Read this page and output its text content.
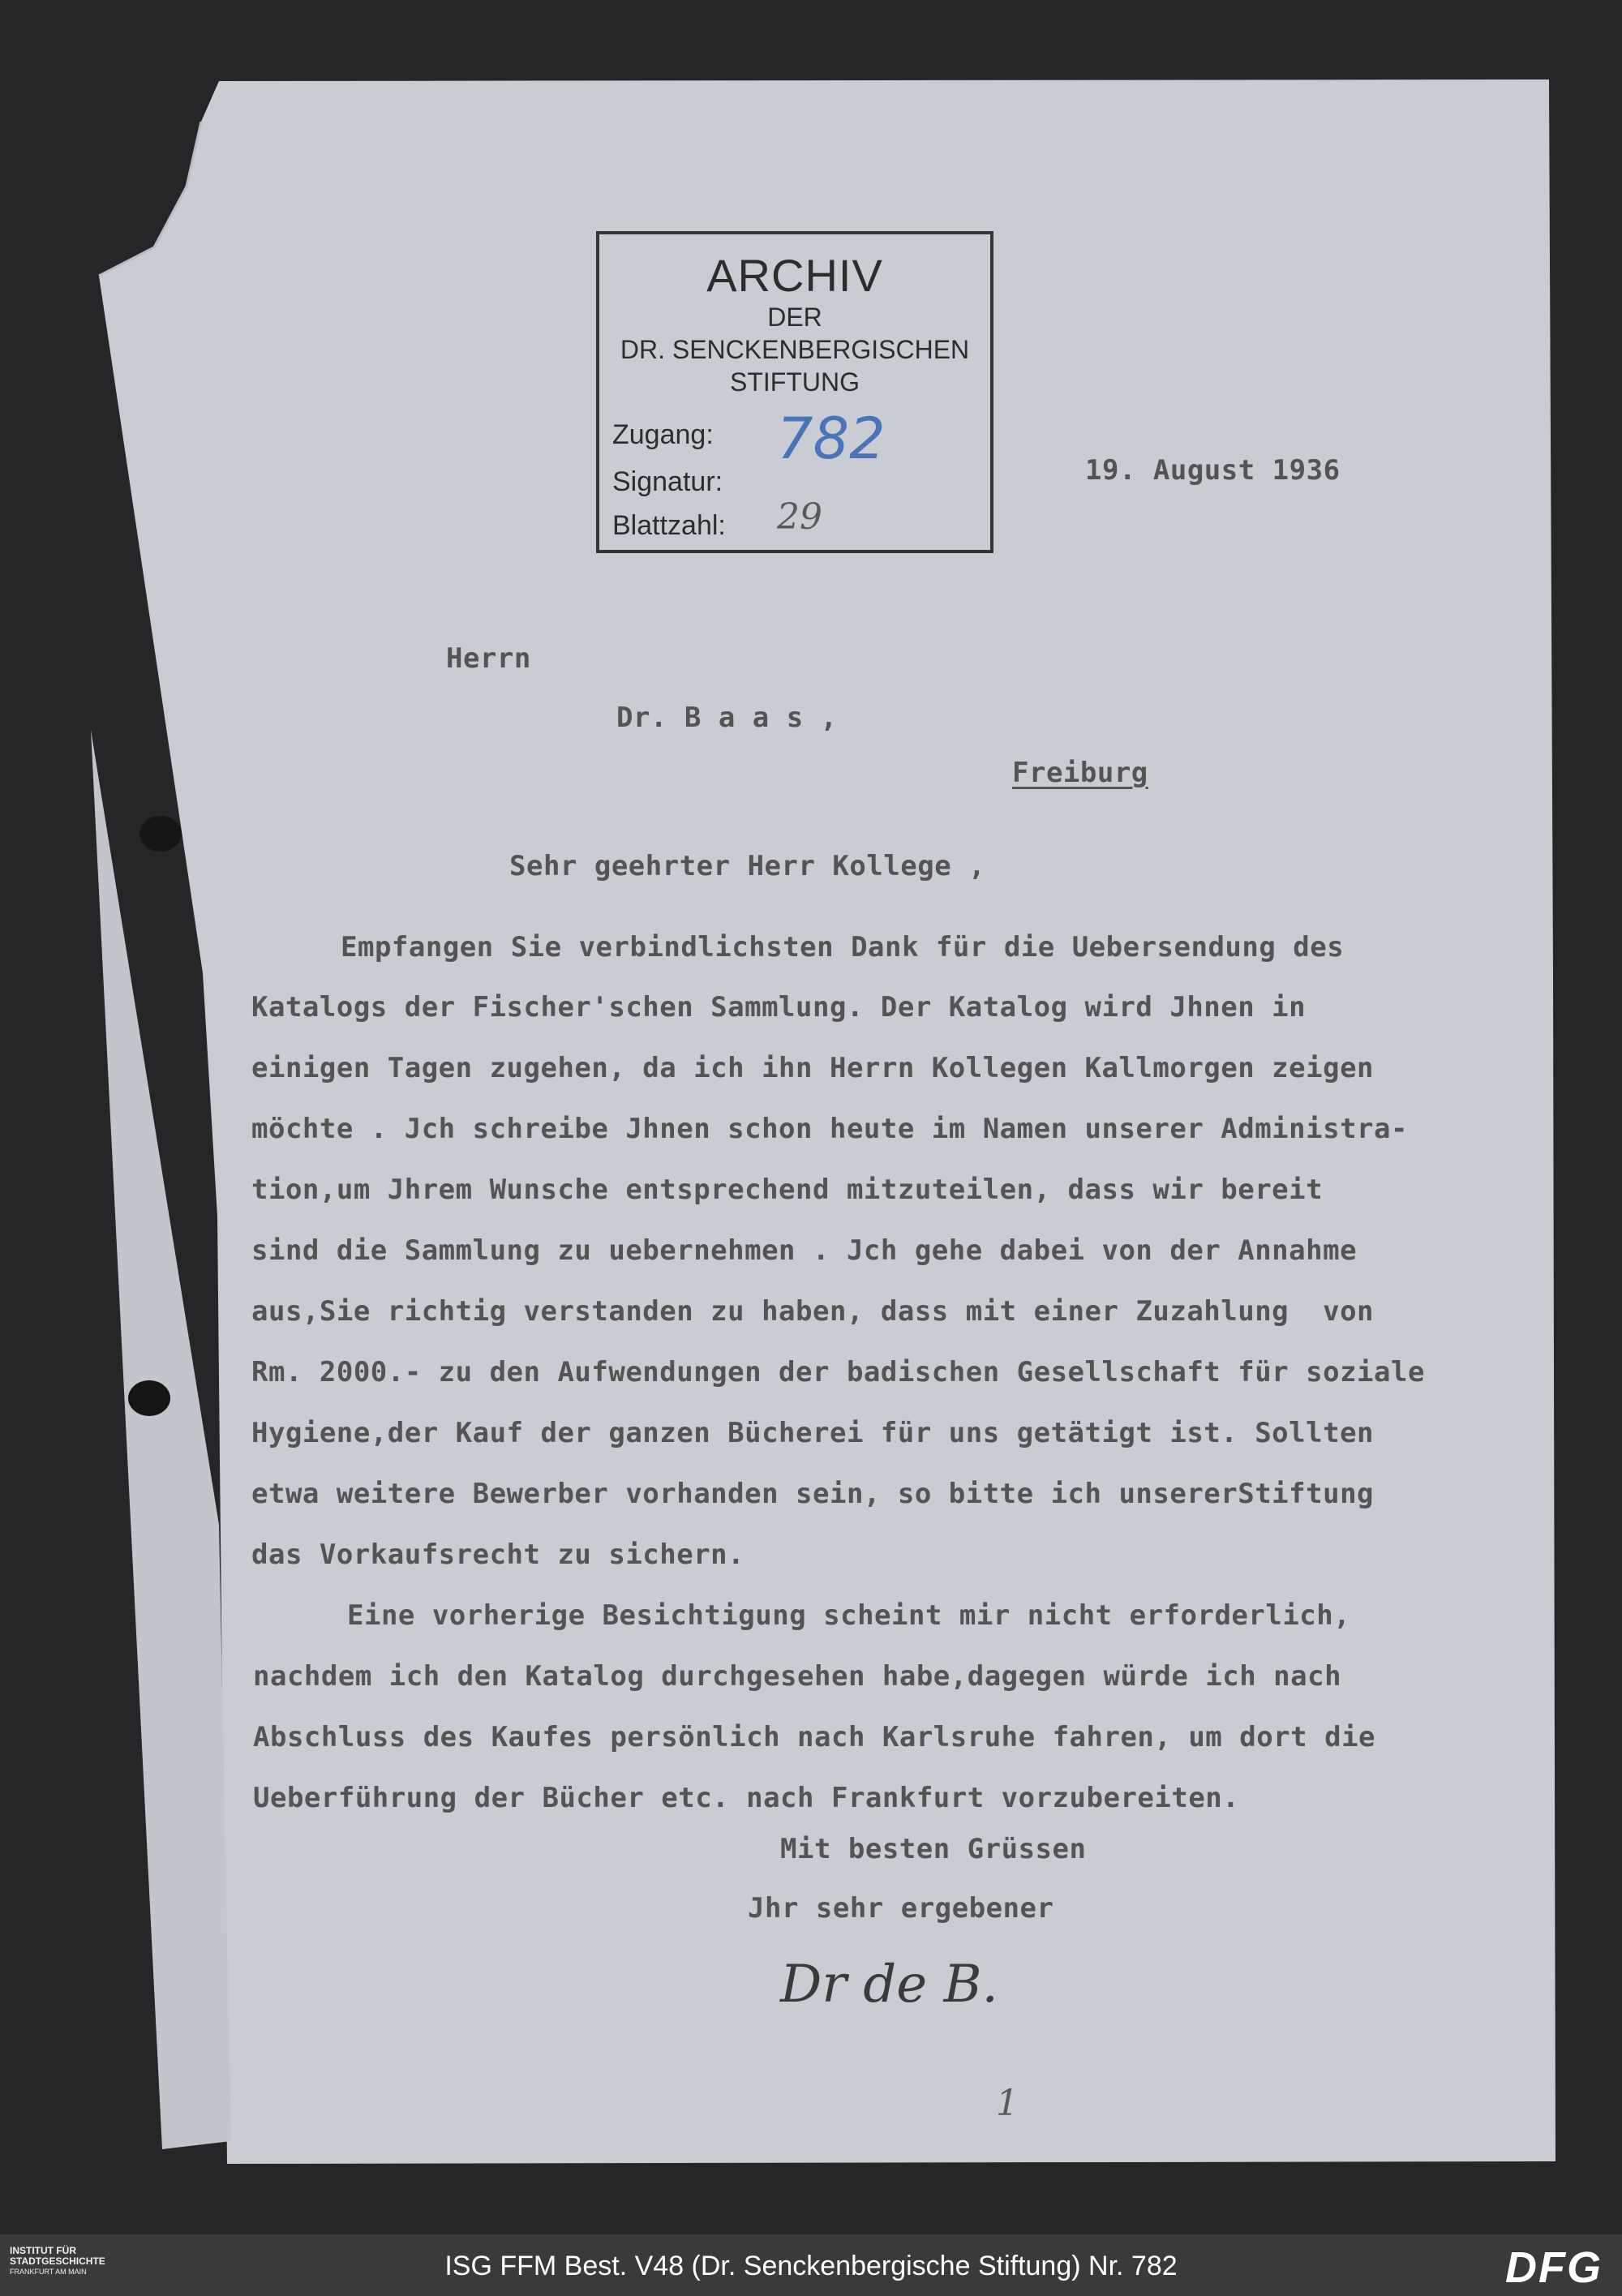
ARCHIV
DER
DR. SENCKENBERGISCHEN
STIFTUNG
Zugang:
Signatur:
Blattzahl:
782
29
19. August 1936
Herrn
Dr. B a a s ,
Freiburg
Sehr geehrter Herr Kollege ,
Empfangen Sie verbindlichsten Dank für die Uebersendung des
Katalogs der Fischer'schen Sammlung. Der Katalog wird Jhnen in
einigen Tagen zugehen, da ich ihn Herrn Kollegen Kallmorgen zeigen
möchte . Jch schreibe Jhnen schon heute im Namen unserer Administra-
tion,um Jhrem Wunsche entsprechend mitzuteilen, dass wir bereit
sind die Sammlung zu uebernehmen . Jch gehe dabei von der Annahme
aus,Sie richtig verstanden zu haben, dass mit einer Zuzahlung  von
Rm. 2000.- zu den Aufwendungen der badischen Gesellschaft für soziale
Hygiene,der Kauf der ganzen Bücherei für uns getätigt ist. Sollten
etwa weitere Bewerber vorhanden sein, so bitte ich unsererStiftung
das Vorkaufsrecht zu sichern.
Eine vorherige Besichtigung scheint mir nicht erforderlich,
nachdem ich den Katalog durchgesehen habe,dagegen würde ich nach
Abschluss des Kaufes persönlich nach Karlsruhe fahren, um dort die
Ueberführung der Bücher etc. nach Frankfurt vorzubereiten.
Mit besten Grüssen
Jhr sehr ergebener
Dr de B.
1
INSTITUT FÜR
STADTGESCHICHTE
FRANKFURT AM MAIN	ISG FFM Best. V48 (Dr. Senckenbergische Stiftung) Nr. 782	DFG
